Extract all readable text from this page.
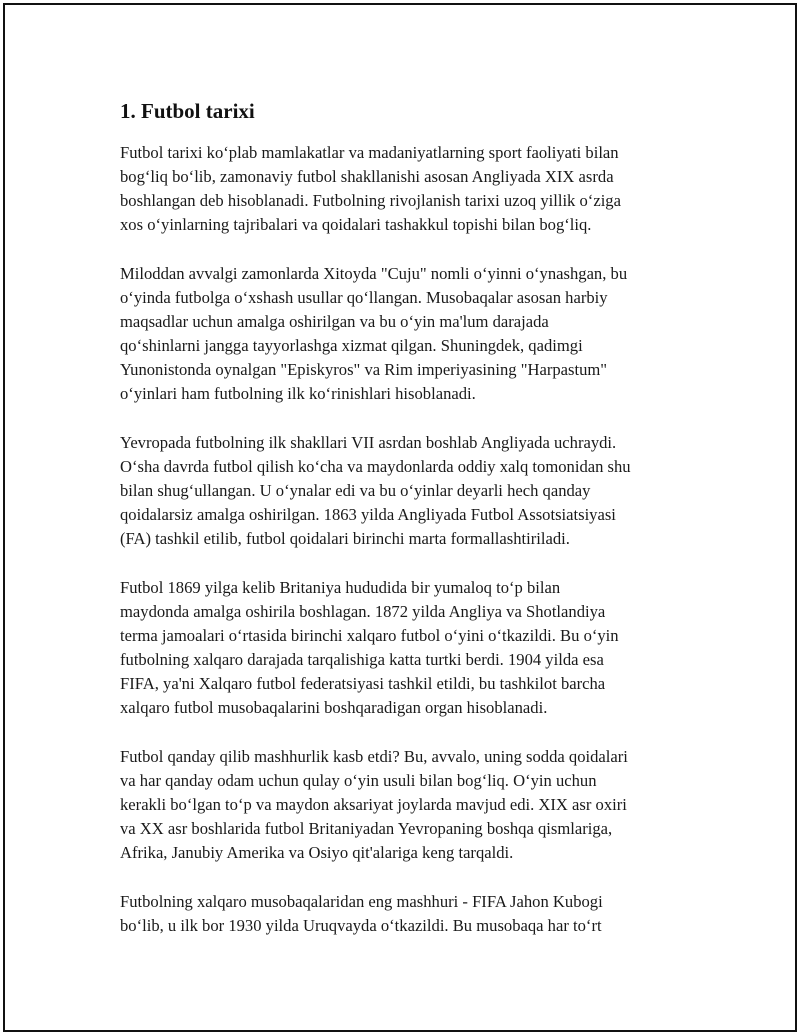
1. Futbol tarixi

Futbol tarixi koʻplab mamlakatlar va madaniyatlarning sport faoliyati bilan
bogʻliq boʻlib, zamonaviy futbol shakllanishi asosan Angliyada XIX asrda
boshlangan deb hisoblanadi. Futbolning rivojlanish tarixi uzoq yillik oʻziga
xos oʻyinlarning tajribalari va qoidalari tashakkul topishi bilan bogʻliq.

Miloddan avvalgi zamonlarda Xitoyda "Cuju" nomli oʻyinni oʻynashgan, bu
oʻyinda futbolga oʻxshash usullar qoʻllangan. Musobaqalar asosan harbiy
maqsadlar uchun amalga oshirilgan va bu oʻyin ma'lum darajada
qoʻshinlarni jangga tayyorlashga xizmat qilgan. Shuningdek, qadimgi
Yunonistonda oynalgan "Episkyros" va Rim imperiyasining "Harpastum"
oʻyinlari ham futbolning ilk koʻrinishlari hisoblanadi.

Yevropada futbolning ilk shakllari VII asrdan boshlab Angliyada uchraydi.
Oʻsha davrda futbol qilish koʻcha va maydonlarda oddiy xalq tomonidan shu
bilan shugʻullangan. U oʻynalar edi va bu oʻyinlar deyarli hech qanday
qoidalarsiz amalga oshirilgan. 1863 yilda Angliyada Futbol Assotsiatsiyasi
(FA) tashkil etilib, futbol qoidalari birinchi marta formallashtiriladi.

Futbol 1869 yilga kelib Britaniya hududida bir yumaloq toʻp bilan
maydonda amalga oshirila boshlagan. 1872 yilda Angliya va Shotlandiya
terma jamoalari oʻrtasida birinchi xalqaro futbol oʻyini oʻtkazildi. Bu oʻyin
futbolning xalqaro darajada tarqalishiga katta turtki berdi. 1904 yilda esa
FIFA, ya'ni Xalqaro futbol federatsiyasi tashkil etildi, bu tashkilot barcha
xalqaro futbol musobaqalarini boshqaradigan organ hisoblanadi.

Futbol qanday qilib mashhurlik kasb etdi? Bu, avvalo, uning sodda qoidalari
va har qanday odam uchun qulay oʻyin usuli bilan bogʻliq. Oʻyin uchun
kerakli boʻlgan toʻp va maydon aksariyat joylarda mavjud edi. XIX asr oxiri
va XX asr boshlarida futbol Britaniyadan Yevropaning boshqa qismlariga,
Afrika, Janubiy Amerika va Osiyo qit'alariga keng tarqaldi.

Futbolning xalqaro musobaqalaridan eng mashhuri - FIFA Jahon Kubogi
boʻlib, u ilk bor 1930 yilda Uruqvayda oʻtkazildi. Bu musobaqa har toʻrt
